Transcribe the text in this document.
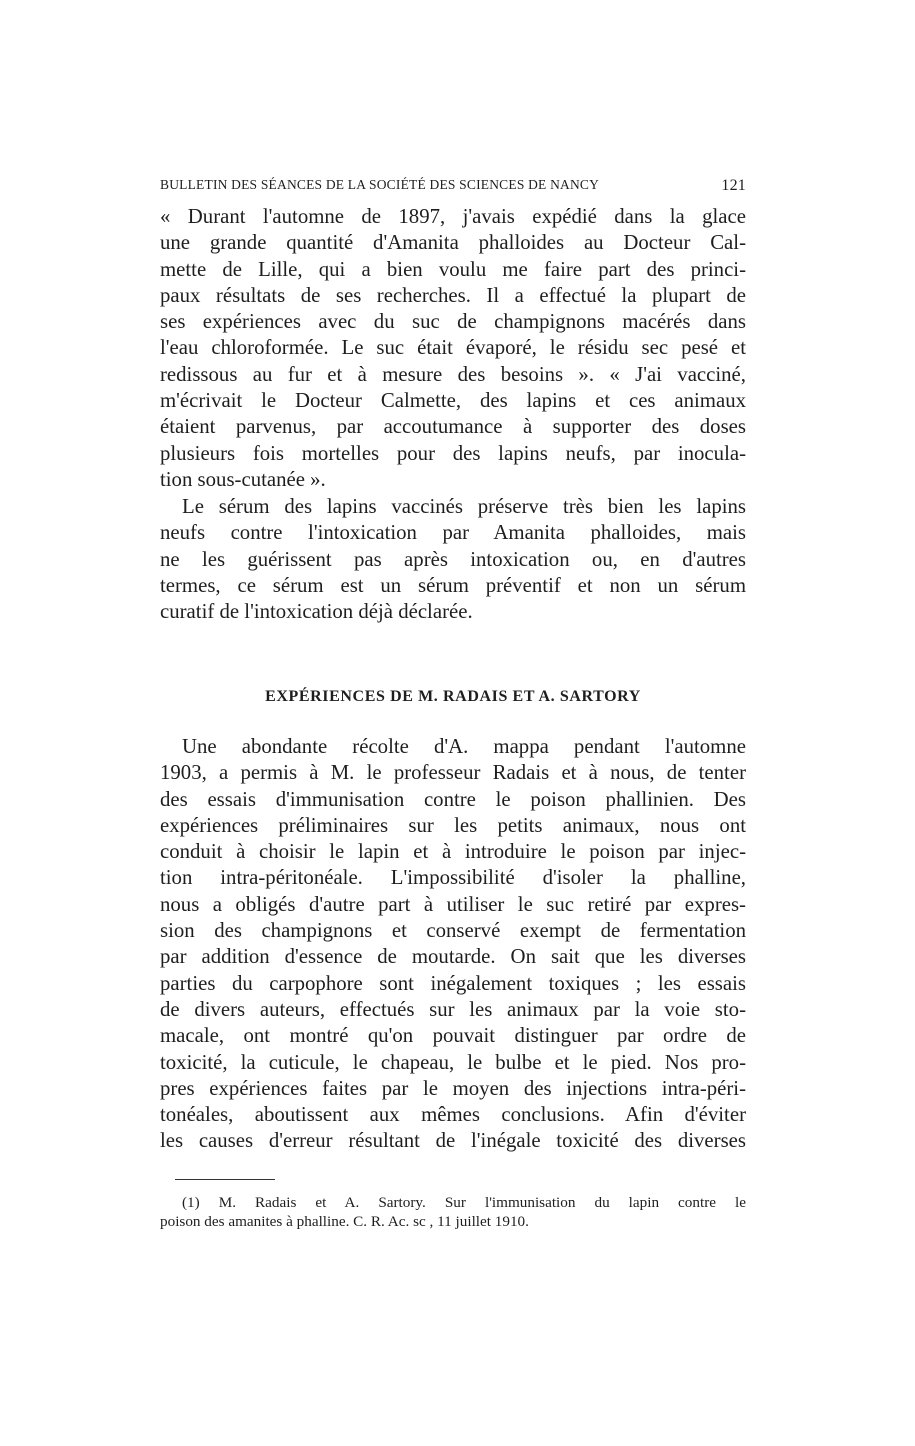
BULLETIN DES SÉANCES DE LA SOCIÉTÉ DES SCIENCES DE NANCY	121
« Durant l'automne de 1897, j'avais expédié dans la glace
une grande quantité d'Amanita phalloides au Docteur Cal-
mette de Lille, qui a bien voulu me faire part des princi-
paux résultats de ses recherches. Il a effectué la plupart de
ses expériences avec du suc de champignons macérés dans
l'eau chloroformée. Le suc était évaporé, le résidu sec pesé et
redissous au fur et à mesure des besoins ». « J'ai vacciné,
m'écrivait le Docteur Calmette, des lapins et ces animaux
étaient parvenus, par accoutumance à supporter des doses
plusieurs fois mortelles pour des lapins neufs, par inocula-
tion sous-cutanée ».
Le sérum des lapins vaccinés préserve très bien les lapins
neufs contre l'intoxication par Amanita phalloides, mais
ne les guérissent pas après intoxication ou, en d'autres
termes, ce sérum est un sérum préventif et non un sérum
curatif de l'intoxication déjà déclarée.
EXPÉRIENCES DE M. RADAIS ET A. SARTORY
Une abondante récolte d'A. mappa pendant l'automne
1903, a permis à M. le professeur Radais et à nous, de tenter
des essais d'immunisation contre le poison phallinien. Des
expériences préliminaires sur les petits animaux, nous ont
conduit à choisir le lapin et à introduire le poison par injec-
tion intra-péritonéale. L'impossibilité d'isoler la phalline,
nous a obligés d'autre part à utiliser le suc retiré par expres-
sion des champignons et conservé exempt de fermentation
par addition d'essence de moutarde. On sait que les diverses
parties du carpophore sont inégalement toxiques ; les essais
de divers auteurs, effectués sur les animaux par la voie sto-
macale, ont montré qu'on pouvait distinguer par ordre de
toxicité, la cuticule, le chapeau, le bulbe et le pied. Nos pro-
pres expériences faites par le moyen des injections intra-péri-
tonéales, aboutissent aux mêmes conclusions. Afin d'éviter
les causes d'erreur résultant de l'inégale toxicité des diverses
(1) M. Radais et A. Sartory. Sur l'immunisation du lapin contre le
poison des amanites à phalline. C. R. Ac. sc , 11 juillet 1910.
